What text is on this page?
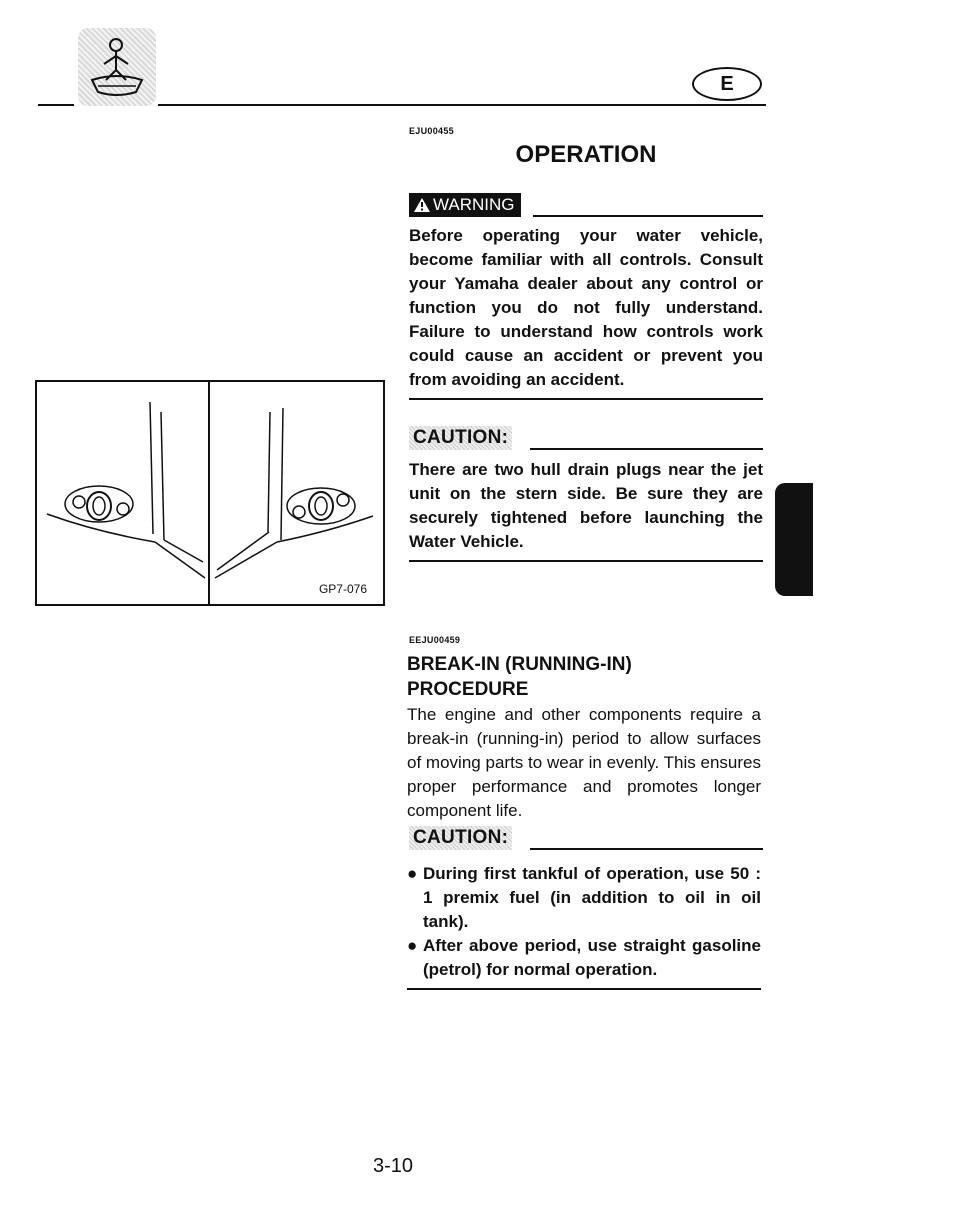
E
EJU00455
OPERATION
WARNING

Before operating your water vehicle, become familiar with all controls. Consult your Yamaha dealer about any control or function you do not fully understand. Failure to understand how controls work could cause an accident or prevent you from avoiding an accident.

CAUTION:

There are two hull drain plugs near the jet unit on the stern side. Be sure they are securely tightened before launching the Water Vehicle.

GP7-076
EEJU00459
BREAK-IN (RUNNING-IN)
PROCEDURE

The engine and other components require a break-in (running-in) period to allow surfaces of moving parts to wear in evenly. This ensures proper performance and promotes longer component life.

CAUTION:
● During first tankful of operation, use 50 : 1 premix fuel (in addition to oil in oil tank).
● After above period, use straight gasoline (petrol) for normal operation.
3-10
